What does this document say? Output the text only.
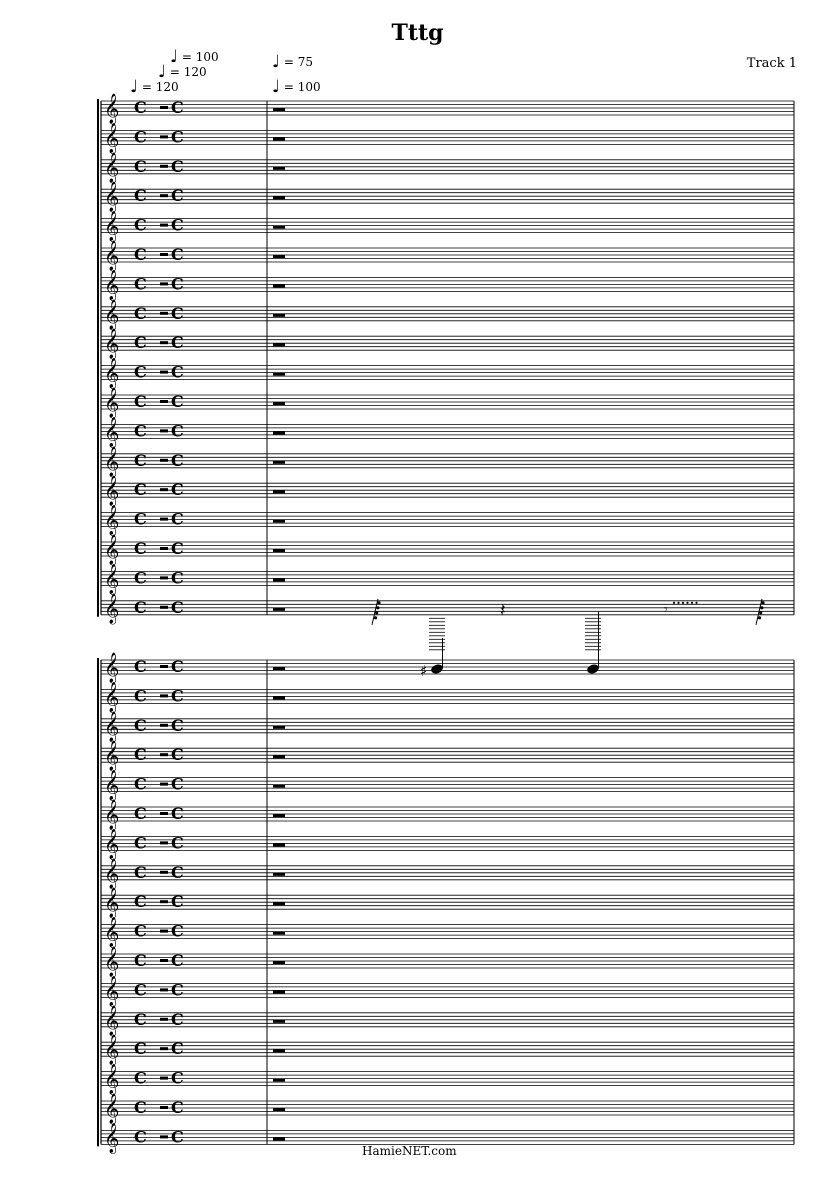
Tttg
Track 1
♩ = 100
♩ = 120
♩ = 120
♩ = 75
♩ = 100
𝄞 C C
𝄞 C C
𝄞 C C
𝄞 C C
𝄞 C C
𝄞 C C
𝄞 C C
𝄞 C C
𝄞 C C
𝄞 C C
𝄞 C C
𝄞 C C
𝄞 C C
𝄞 C C
𝄞 C C
𝄞 C C
𝄞 C C
𝄞 C C	𝄽	𝄾
♯
𝄞 C C
𝄞 C C
𝄞 C C
𝄞 C C
𝄞 C C
𝄞 C C
𝄞 C C
𝄞 C C
𝄞 C C
𝄞 C C
𝄞 C C
𝄞 C C
𝄞 C C
𝄞 C C
𝄞 C C
𝄞 C C
𝄞 C C
HamieNET.com
